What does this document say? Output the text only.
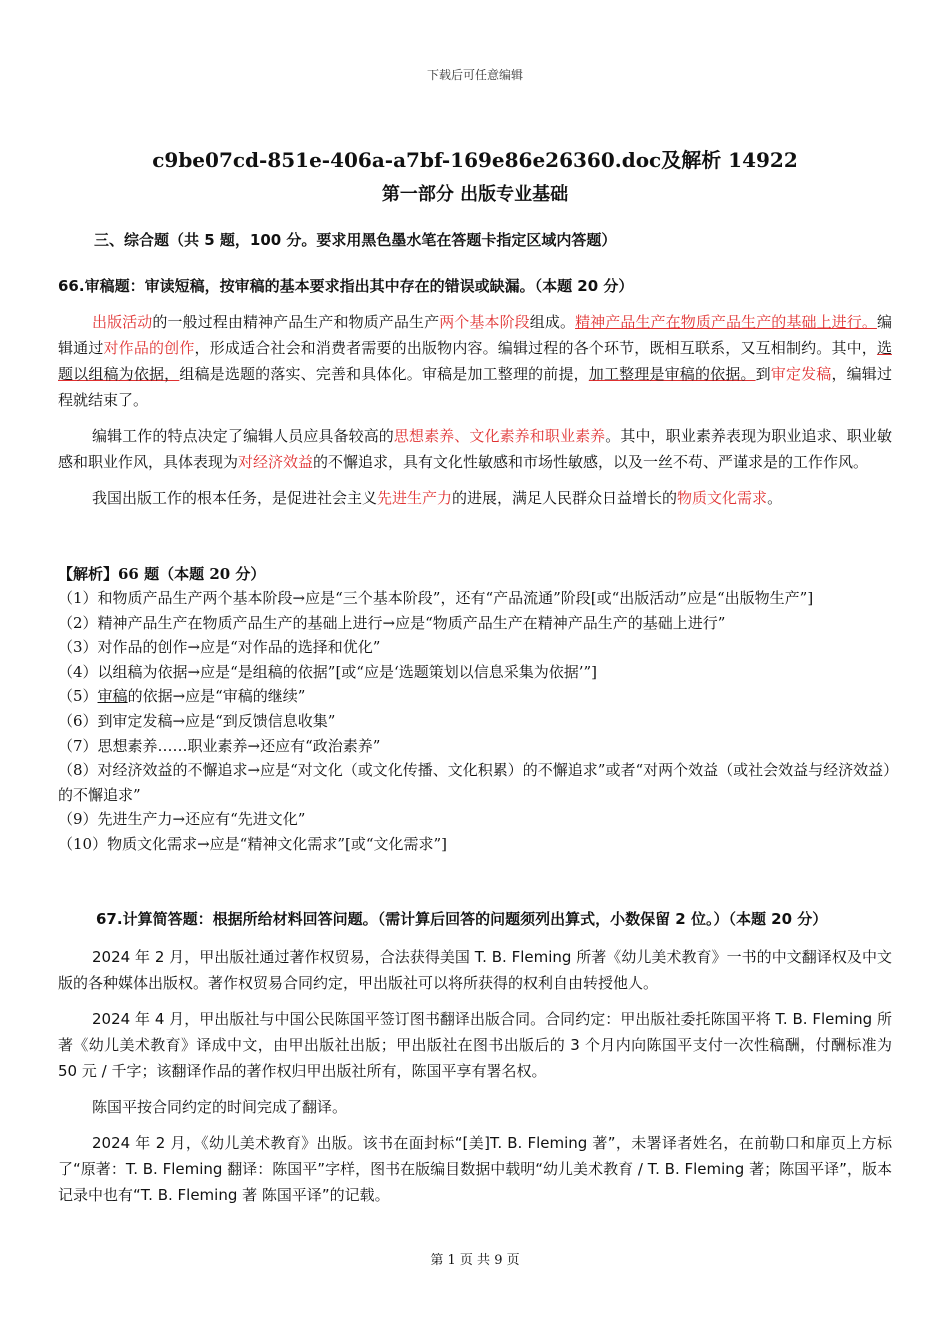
下载后可任意编辑
c9be07cd-851e-406a-a7bf-169e86e26360.doc及解析 14922
第一部分 出版专业基础
三、综合题（共 5 题，100 分。要求用黑色墨水笔在答题卡指定区域内答题）
66.审稿题：审读短稿，按审稿的基本要求指出其中存在的错误或缺漏。（本题 20 分）

出版活动的一般过程由精神产品生产和物质产品生产两个基本阶段组成。精神产品生产在物质产品生产的基础上进行。编辑通过对作品的创作，形成适合社会和消费者需要的出版物内容。编辑过程的各个环节，既相互联系，又互相制约。其中，选题以组稿为依据，组稿是选题的落实、完善和具体化。审稿是加工整理的前提，加工整理是审稿的依据。到审定发稿，编辑过程就结束了。

编辑工作的特点决定了编辑人员应具备较高的思想素养、文化素养和职业素养。其中，职业素养表现为职业追求、职业敏感和职业作风，具体表现为对经济效益的不懈追求，具有文化性敏感和市场性敏感，以及一丝不苟、严谨求是的工作作风。

我国出版工作的根本任务，是促进社会主义先进生产力的进展，满足人民群众日益增长的物质文化需求。

【解析】66 题（本题 20 分）

（1）和物质产品生产两个基本阶段→应是“三个基本阶段”，还有“产品流通”阶段[或“出版活动”应是“出版物生产”]

（2）精神产品生产在物质产品生产的基础上进行→应是“物质产品生产在精神产品生产的基础上进行”

（3）对作品的创作→应是“对作品的选择和优化”

（4）以组稿为依据→应是“是组稿的依据”[或“应是‘选题策划以信息采集为依据’”]

（5）审稿的依据→应是“审稿的继续”

（6）到审定发稿→应是“到反馈信息收集”

（7）思想素养……职业素养→还应有“政治素养”

（8）对经济效益的不懈追求→应是“对文化（或文化传播、文化积累）的不懈追求”或者“对两个效益（或社会效益与经济效益）的不懈追求”

（9）先进生产力→还应有“先进文化”

（10）物质文化需求→应是“精神文化需求”[或“文化需求”]

67.计算简答题：根据所给材料回答问题。（需计算后回答的问题须列出算式，小数保留 2 位。）（本题 20 分）

2024 年 2 月，甲出版社通过著作权贸易，合法获得美国 T. B. Fleming 所著《幼儿美术教育》一书的中文翻译权及中文版的各种媒体出版权。著作权贸易合同约定，甲出版社可以将所获得的权利自由转授他人。

2024 年 4 月，甲出版社与中国公民陈国平签订图书翻译出版合同。合同约定：甲出版社委托陈国平将 T. B. Fleming 所著《幼儿美术教育》译成中文，由甲出版社出版；甲出版社在图书出版后的 3 个月内向陈国平支付一次性稿酬，付酬标准为 50 元 / 千字；该翻译作品的著作权归甲出版社所有，陈国平享有署名权。

陈国平按合同约定的时间完成了翻译。

2024 年 2 月，《幼儿美术教育》出版。该书在面封标“[美]T. B. Fleming 著”，未署译者姓名，在前勒口和扉页上方标了“原著：T. B. Fleming 翻译：陈国平”字样，图书在版编目数据中载明“幼儿美术教育 / T. B. Fleming 著；陈国平译”，版本记录中也有“T. B. Fleming 著 陈国平译”的记载。

第 1 页 共 9 页
